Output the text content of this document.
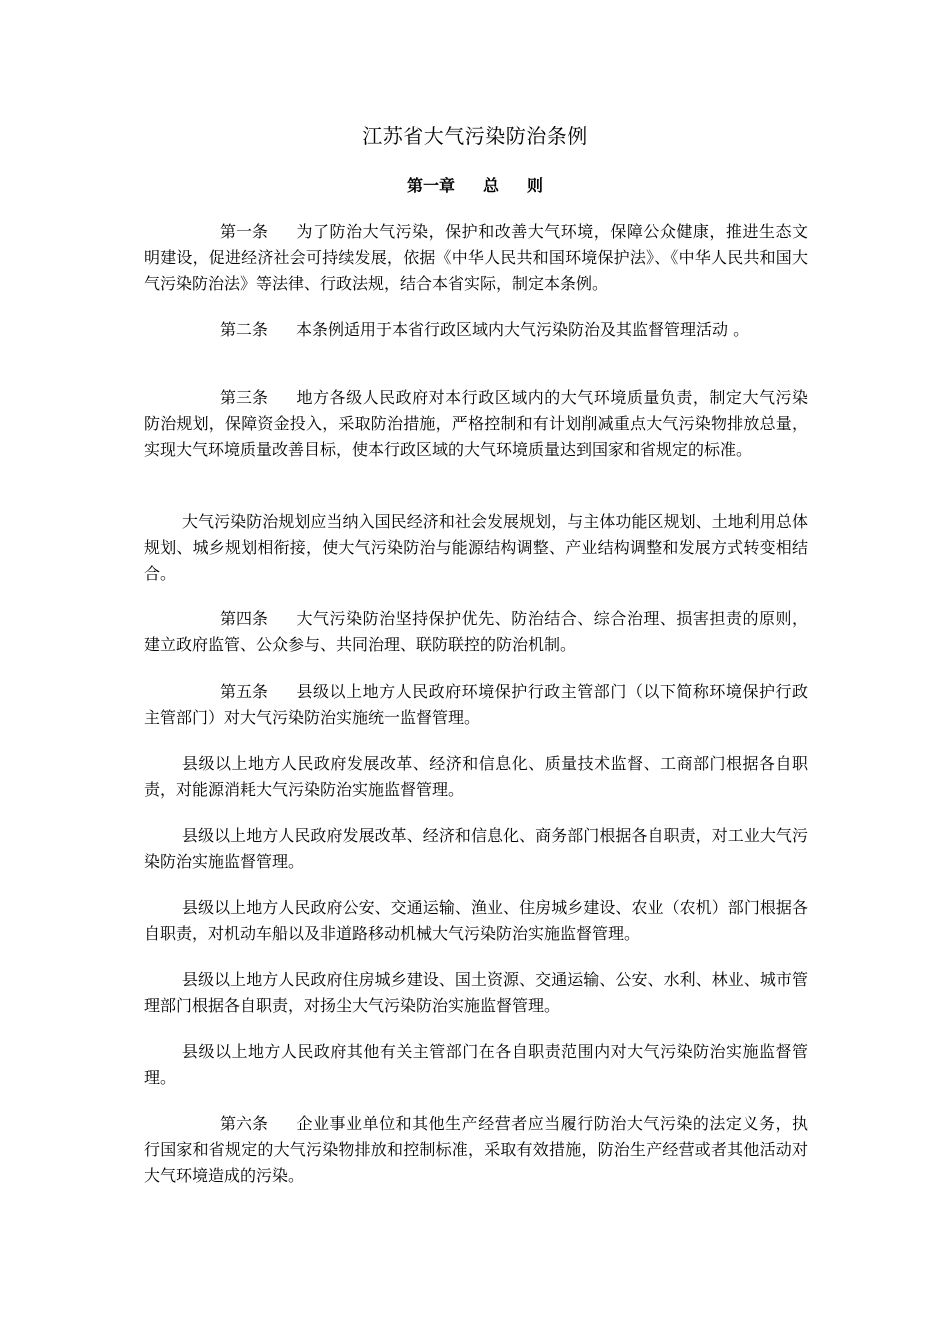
江苏省大气污染防治条例
第一章 总 则

第一条 为了防治大气污染，保护和改善大气环境，保障公众健康，推进生态文明建设，促进经济社会可持续发展，依据《中华人民共和国环境保护法》、《中华人民共和国大气污染防治法》等法律、行政法规，结合本省实际，制定本条例。

第二条 本条例适用于本省行政区域内大气污染防治及其监督管理活动 。

第三条 地方各级人民政府对本行政区域内的大气环境质量负责，制定大气污染防治规划，保障资金投入，采取防治措施，严格控制和有计划削减重点大气污染物排放总量，实现大气环境质量改善目标，使本行政区域的大气环境质量达到国家和省规定的标准。

大气污染防治规划应当纳入国民经济和社会发展规划，与主体功能区规划、土地利用总体规划、城乡规划相衔接，使大气污染防治与能源结构调整、产业结构调整和发展方式转变相结合。

第四条 大气污染防治坚持保护优先、防治结合、综合治理、损害担责的原则，建立政府监管、公众参与、共同治理、联防联控的防治机制。

第五条 县级以上地方人民政府环境保护行政主管部门（以下简称环境保护行政主管部门）对大气污染防治实施统一监督管理。

县级以上地方人民政府发展改革、经济和信息化、质量技术监督、工商部门根据各自职责，对能源消耗大气污染防治实施监督管理。

县级以上地方人民政府发展改革、经济和信息化、商务部门根据各自职责，对工业大气污染防治实施监督管理。

县级以上地方人民政府公安、交通运输、渔业、住房城乡建设、农业（农机）部门根据各自职责，对机动车船以及非道路移动机械大气污染防治实施监督管理。

县级以上地方人民政府住房城乡建设、国土资源、交通运输、公安、水利、林业、城市管理部门根据各自职责，对扬尘大气污染防治实施监督管理。

县级以上地方人民政府其他有关主管部门在各自职责范围内对大气污染防治实施监督管理。

第六条 企业事业单位和其他生产经营者应当履行防治大气污染的法定义务，执行国家和省规定的大气污染物排放和控制标准，采取有效措施，防治生产经营或者其他活动对大气环境造成的污染。
